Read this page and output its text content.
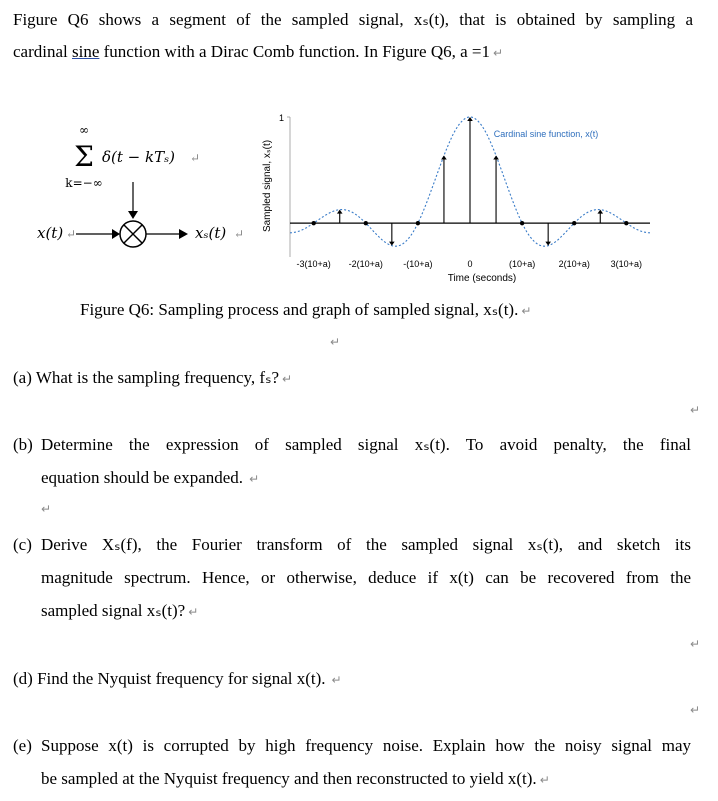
Figure Q6 shows a segment of the sampled signal, xₛ(t), that is obtained by sampling a
cardinal sine function with a Dirac Comb function. In Figure Q6, a =1 ↵
∞
Σ
k=−∞
δ(t − kTₛ) ↵
x(t) ↵	xₛ(t) ↵
1
Sampled signal, xₛ(t)
-3(10+a) -2(10+a) -(10+a)	0	(10+a)	2(10+a) 3(10+a)
Time (seconds)
Cardinal sine function, x(t)
Figure Q6: Sampling process and graph of sampled signal, xₛ(t). ↵
↵
(a) What is the sampling frequency, fₛ? ↵
↵
(b) Determine the expression of sampled signal xₛ(t). To avoid penalty, the final
equation should be expanded. ↵
↵
(c) Derive Xₛ(f), the Fourier transform of the sampled signal xₛ(t), and sketch its
magnitude spectrum. Hence, or otherwise, deduce if x(t) can be recovered from the
sampled signal xₛ(t)? ↵
↵
(d) Find the Nyquist frequency for signal x(t). ↵
↵
(e) Suppose x(t) is corrupted by high frequency noise. Explain how the noisy signal may
be sampled at the Nyquist frequency and then reconstructed to yield x(t). ↵
